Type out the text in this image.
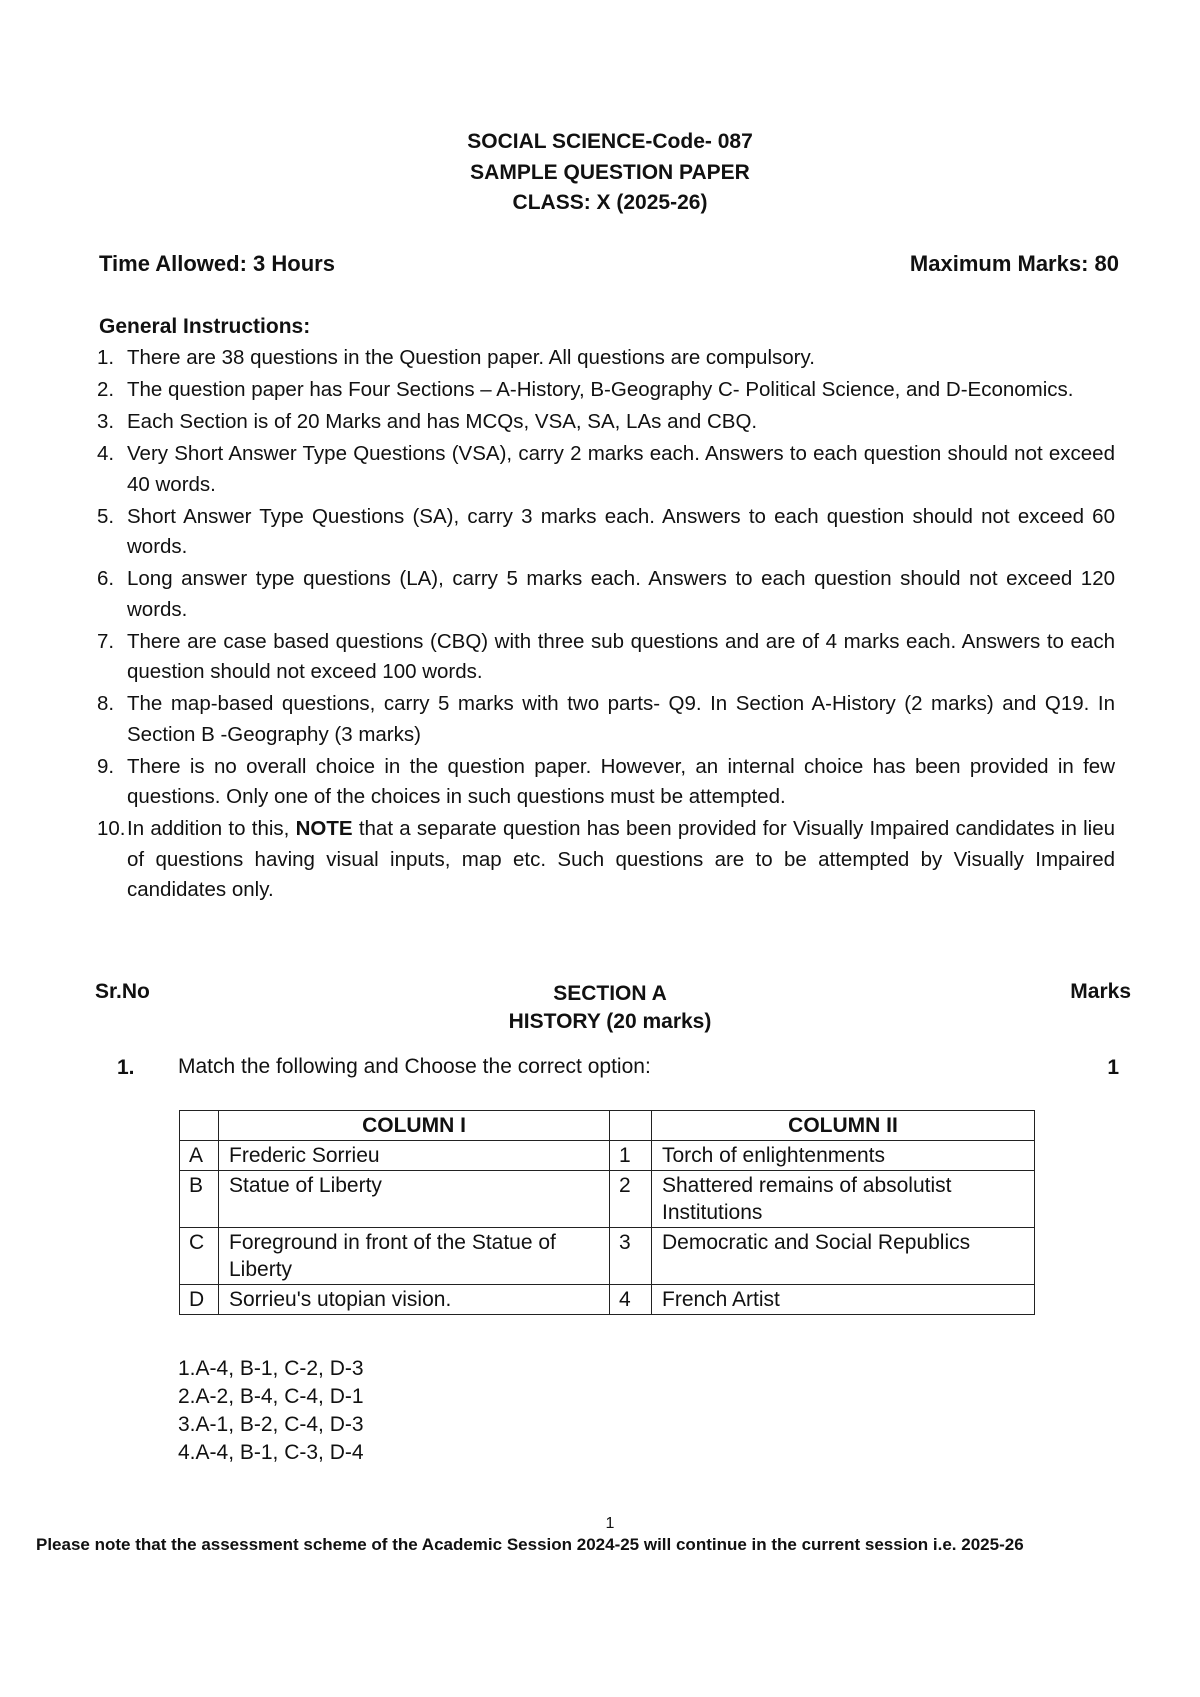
SOCIAL SCIENCE-Code- 087
SAMPLE QUESTION PAPER
CLASS: X (2025-26)
Time Allowed: 3 Hours	Maximum Marks: 80
General Instructions:
1. There are 38 questions in the Question paper. All questions are compulsory.
2. The question paper has Four Sections – A-History, B-Geography C- Political Science, and D-Economics.
3. Each Section is of 20 Marks and has MCQs, VSA, SA, LAs and CBQ.
4. Very Short Answer Type Questions (VSA), carry 2 marks each. Answers to each question should not exceed 40 words.
5. Short Answer Type Questions (SA), carry 3 marks each. Answers to each question should not exceed 60 words.
6. Long answer type questions (LA), carry 5 marks each. Answers to each question should not exceed 120 words.
7. There are case based questions (CBQ) with three sub questions and are of 4 marks each. Answers to each question should not exceed 100 words.
8. The map-based questions, carry 5 marks with two parts- Q9. In Section A-History (2 marks) and Q19. In Section B -Geography (3 marks)
9. There is no overall choice in the question paper. However, an internal choice has been provided in few questions. Only one of the choices in such questions must be attempted.
10. In addition to this, NOTE that a separate question has been provided for Visually Impaired candidates in lieu of questions having visual inputs, map etc. Such questions are to be attempted by Visually Impaired candidates only.
Sr.No	SECTION A
HISTORY (20 marks)
Marks
1. Match the following and Choose the correct option:	1
	COLUMN I		COLUMN II
A	Frederic Sorrieu	1	Torch of enlightenments
B	Statue of Liberty	2	Shattered remains of absolutist Institutions
C	Foreground in front of the Statue of Liberty	3	Democratic and Social Republics
D	Sorrieu's utopian vision.	4	French Artist
1.A-4, B-1, C-2, D-3
2.A-2, B-4, C-4, D-1
3.A-1, B-2, C-4, D-3
4.A-4, B-1, C-3, D-4
1
Please note that the assessment scheme of the Academic Session 2024-25 will continue in the current session i.e. 2025-26
